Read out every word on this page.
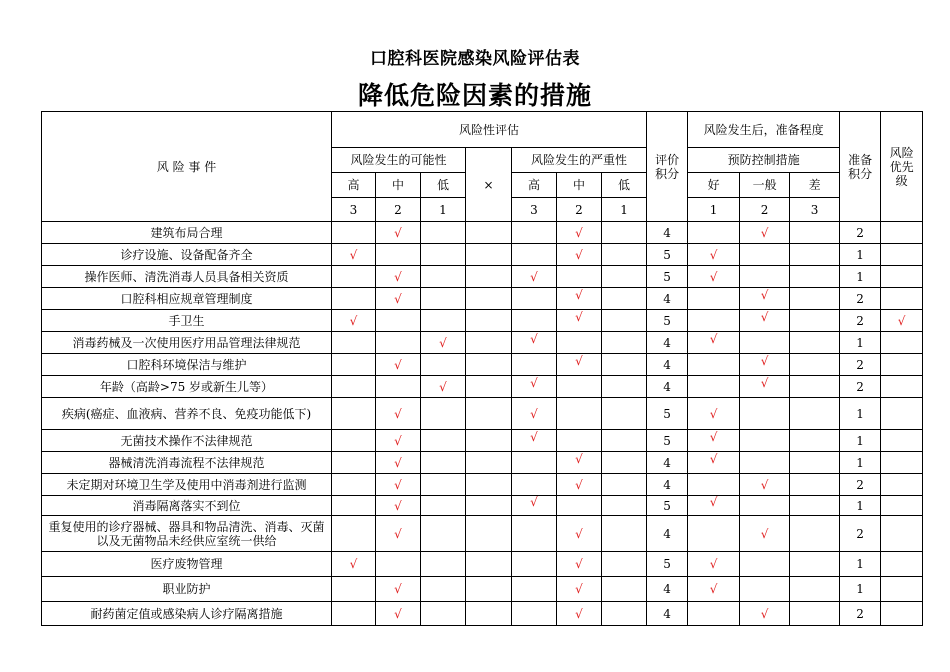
口腔科医院感染风险评估表
降低危险因素的措施
风 险 事 件	风险性评估							评价积分	风险发生后，准备程度			准备积分	风险优先级
	风险发生的可能性			×	风险发生的严重性				预防控制措施				
	高	中	低		高	中	低		好	一般	差		
	3	2	1		3	2	1		1	2	3		
建筑布局合理		√				√		4		√		2	
诊疗设施、设备配备齐全	√					√		5	√			1	
操作医师、清洗消毒人员具备相关资质		√			√			5	√			1	
口腔科相应规章管理制度		√				√		4		√		2	
手卫生	√					√		5		√		2	√
消毒药械及一次使用医疗用品管理法律规范			√		√			4	√			1	
口腔科环境保洁与维护		√				√		4		√		2	
年龄（高龄>75 岁或新生儿等）			√		√			4		√		2	
疾病(癌症、血液病、营养不良、免疫功能低下)		√			√			5	√			1	
无菌技术操作不法律规范		√			√			5	√			1	
器械清洗消毒流程不法律规范		√				√		4	√			1	
未定期对环境卫生学及使用中消毒剂进行监测		√				√		4		√		2	
消毒隔离落实不到位		√			√			5	√			1	
重复使用的诊疗器械、器具和物品清洗、消毒、灭菌以及无菌物品未经供应室统一供给		√				√		4		√		2	
医疗废物管理	√					√		5	√			1	
职业防护		√				√		4	√			1	
耐药菌定值或感染病人诊疗隔离措施		√				√		4		√		2	
